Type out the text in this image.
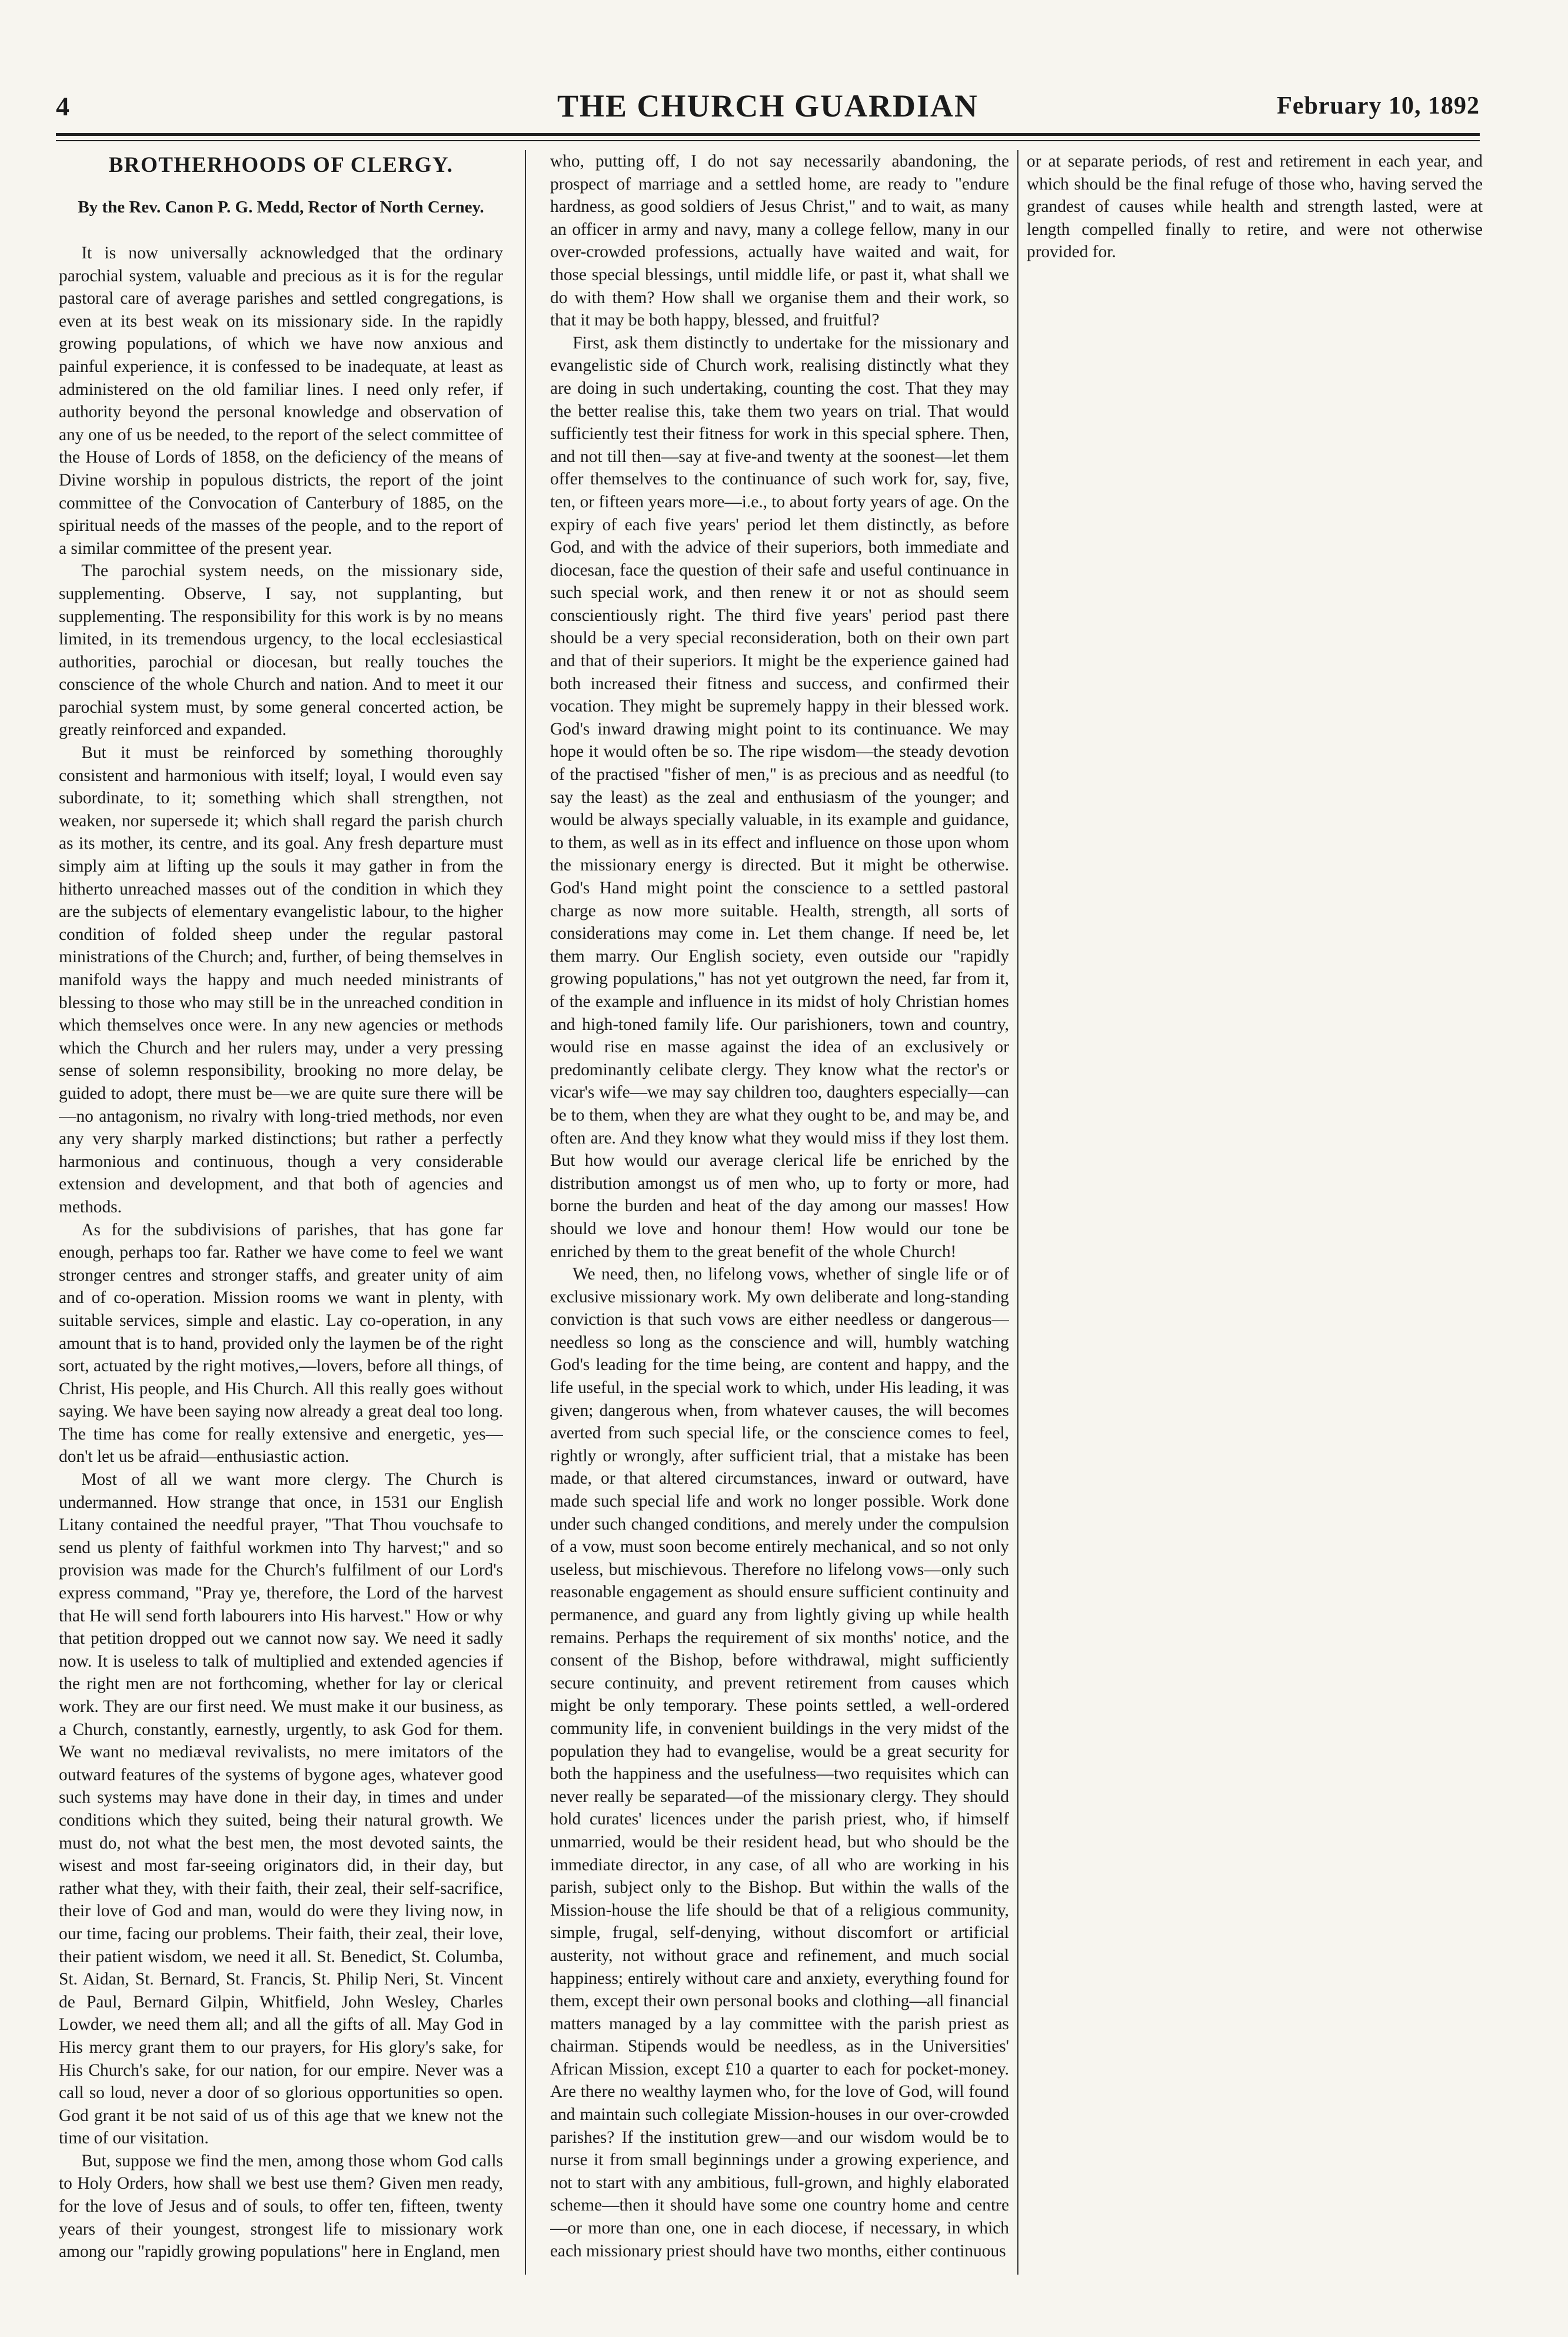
4	THE CHURCH GUARDIAN	February 10, 1892
BROTHERHOODS OF CLERGY.
By the Rev. Canon P. G. Medd, Rector of North Cerney.

It is now universally acknowledged that the ordinary parochial system, valuable and precious as it is for the regular pastoral care of average parishes and settled congregations, is even at its best weak on its missionary side. In the rapidly growing populations, of which we have now anxious and painful experience, it is confessed to be inadequate, at least as administered on the old familiar lines. I need only refer, if authority beyond the personal knowledge and observation of any one of us be needed, to the report of the select committee of the House of Lords of 1858, on the deficiency of the means of Divine worship in populous districts, the report of the joint committee of the Convocation of Canterbury of 1885, on the spiritual needs of the masses of the people, and to the report of a similar committee of the present year.

The parochial system needs, on the missionary side, supplementing. Observe, I say, not supplanting, but supplementing. The responsibility for this work is by no means limited, in its tremendous urgency, to the local ecclesiastical authorities, parochial or diocesan, but really touches the conscience of the whole Church and nation. And to meet it our parochial system must, by some general concerted action, be greatly reinforced and expanded.

But it must be reinforced by something thoroughly consistent and harmonious with itself; loyal, I would even say subordinate, to it; something which shall strengthen, not weaken, nor supersede it; which shall regard the parish church as its mother, its centre, and its goal. Any fresh departure must simply aim at lifting up the souls it may gather in from the hitherto unreached masses out of the condition in which they are the subjects of elementary evangelistic labour, to the higher condition of folded sheep under the regular pastoral ministrations of the Church; and, further, of being themselves in manifold ways the happy and much needed ministrants of blessing to those who may still be in the unreached condition in which themselves once were. In any new agencies or methods which the Church and her rulers may, under a very pressing sense of solemn responsibility, brooking no more delay, be guided to adopt, there must be—we are quite sure there will be—no antagonism, no rivalry with long-tried methods, nor even any very sharply marked distinctions; but rather a perfectly harmonious and continuous, though a very considerable extension and development, and that both of agencies and methods.

As for the subdivisions of parishes, that has gone far enough, perhaps too far. Rather we have come to feel we want stronger centres and stronger staffs, and greater unity of aim and of co-operation. Mission rooms we want in plenty, with suitable services, simple and elastic. Lay co-operation, in any amount that is to hand, provided only the laymen be of the right sort, actuated by the right motives,—lovers, before all things, of Christ, His people, and His Church. All this really goes without saying. We have been saying now already a great deal too long. The time has come for really extensive and energetic, yes—don't let us be afraid—enthusiastic action.

Most of all we want more clergy. The Church is undermanned. How strange that once, in 1531 our English Litany contained the needful prayer, "That Thou vouchsafe to send us plenty of faithful workmen into Thy harvest;" and so provision was made for the Church's fulfilment of our Lord's express command, "Pray ye, therefore, the Lord of the harvest that He will send forth labourers into His harvest." How or why that petition dropped out we cannot now say. We need it sadly now. It is useless to talk of multiplied and extended agencies if the right men are not forthcoming, whether for lay or clerical work. They are our first need. We must make it our business, as a Church, constantly, earnestly, urgently, to ask God for them. We want no mediæval revivalists, no mere imitators of the outward features of the systems of bygone ages, whatever good such systems may have done in their day, in times and under conditions which they suited, being their natural growth. We must do, not what the best men, the most devoted saints, the wisest and most far-seeing originators did, in their day, but rather what they, with their faith, their zeal, their self-sacrifice, their love of God and man, would do were they living now, in our time, facing our problems. Their faith, their zeal, their love, their patient wisdom, we need it all. St. Benedict, St. Columba, St. Aidan, St. Bernard, St. Francis, St. Philip Neri, St. Vincent de Paul, Bernard Gilpin, Whitfield, John Wesley, Charles Lowder, we need them all; and all the gifts of all. May God in His mercy grant them to our prayers, for His glory's sake, for His Church's sake, for our nation, for our empire. Never was a call so loud, never a door of so glorious opportunities so open. God grant it be not said of us of this age that we knew not the time of our visitation.

But, suppose we find the men, among those whom God calls to Holy Orders, how shall we best use them? Given men ready, for the love of Jesus and of souls, to offer ten, fifteen, twenty years of their youngest, strongest life to missionary work among our "rapidly growing populations" here in England, men

who, putting off, I do not say necessarily abandoning, the prospect of marriage and a settled home, are ready to "endure hardness, as good soldiers of Jesus Christ," and to wait, as many an officer in army and navy, many a college fellow, many in our over-crowded professions, actually have waited and wait, for those special blessings, until middle life, or past it, what shall we do with them? How shall we organise them and their work, so that it may be both happy, blessed, and fruitful?

First, ask them distinctly to undertake for the missionary and evangelistic side of Church work, realising distinctly what they are doing in such undertaking, counting the cost. That they may the better realise this, take them two years on trial. That would sufficiently test their fitness for work in this special sphere. Then, and not till then—say at five-and twenty at the soonest—let them offer themselves to the continuance of such work for, say, five, ten, or fifteen years more—i.e., to about forty years of age. On the expiry of each five years' period let them distinctly, as before God, and with the advice of their superiors, both immediate and diocesan, face the question of their safe and useful continuance in such special work, and then renew it or not as should seem conscientiously right. The third five years' period past there should be a very special reconsideration, both on their own part and that of their superiors. It might be the experience gained had both increased their fitness and success, and confirmed their vocation. They might be supremely happy in their blessed work. God's inward drawing might point to its continuance. We may hope it would often be so. The ripe wisdom—the steady devotion of the practised "fisher of men," is as precious and as needful (to say the least) as the zeal and enthusiasm of the younger; and would be always specially valuable, in its example and guidance, to them, as well as in its effect and influence on those upon whom the missionary energy is directed. But it might be otherwise. God's Hand might point the conscience to a settled pastoral charge as now more suitable. Health, strength, all sorts of considerations may come in. Let them change. If need be, let them marry. Our English society, even outside our "rapidly growing populations," has not yet outgrown the need, far from it, of the example and influence in its midst of holy Christian homes and high-toned family life. Our parishioners, town and country, would rise en masse against the idea of an exclusively or predominantly celibate clergy. They know what the rector's or vicar's wife—we may say children too, daughters especially—can be to them, when they are what they ought to be, and may be, and often are. And they know what they would miss if they lost them. But how would our average clerical life be enriched by the distribution amongst us of men who, up to forty or more, had borne the burden and heat of the day among our masses! How should we love and honour them! How would our tone be enriched by them to the great benefit of the whole Church!

We need, then, no lifelong vows, whether of single life or of exclusive missionary work. My own deliberate and long-standing conviction is that such vows are either needless or dangerous—needless so long as the conscience and will, humbly watching God's leading for the time being, are content and happy, and the life useful, in the special work to which, under His leading, it was given; dangerous when, from whatever causes, the will becomes averted from such special life, or the conscience comes to feel, rightly or wrongly, after sufficient trial, that a mistake has been made, or that altered circumstances, inward or outward, have made such special life and work no longer possible. Work done under such changed conditions, and merely under the compulsion of a vow, must soon become entirely mechanical, and so not only useless, but mischievous. Therefore no lifelong vows—only such reasonable engagement as should ensure sufficient continuity and permanence, and guard any from lightly giving up while health remains. Perhaps the requirement of six months' notice, and the consent of the Bishop, before withdrawal, might sufficiently secure continuity, and prevent retirement from causes which might be only temporary. These points settled, a well-ordered community life, in convenient buildings in the very midst of the population they had to evangelise, would be a great security for both the happiness and the usefulness—two requisites which can never really be separated—of the missionary clergy. They should hold curates' licences under the parish priest, who, if himself unmarried, would be their resident head, but who should be the immediate director, in any case, of all who are working in his parish, subject only to the Bishop. But within the walls of the Mission-house the life should be that of a religious community, simple, frugal, self-denying, without discomfort or artificial austerity, not without grace and refinement, and much social happiness; entirely without care and anxiety, everything found for them, except their own personal books and clothing—all financial matters managed by a lay committee with the parish priest as chairman. Stipends would be needless, as in the Universities' African Mission, except £10 a quarter to each for pocket-money. Are there no wealthy laymen who, for the love of God, will found and maintain such collegiate Mission-houses in our over-crowded parishes? If the institution grew—and our wisdom would be to nurse it from small beginnings under a growing experience, and not to start with any ambitious, full-grown, and highly elaborated scheme—then it should have some one country home and centre—or more than one, one in each diocese, if necessary, in which each missionary priest should have two months, either continuous

or at separate periods, of rest and retirement in each year, and which should be the final refuge of those who, having served the grandest of causes while health and strength lasted, were at length compelled finally to retire, and were not otherwise provided for.
